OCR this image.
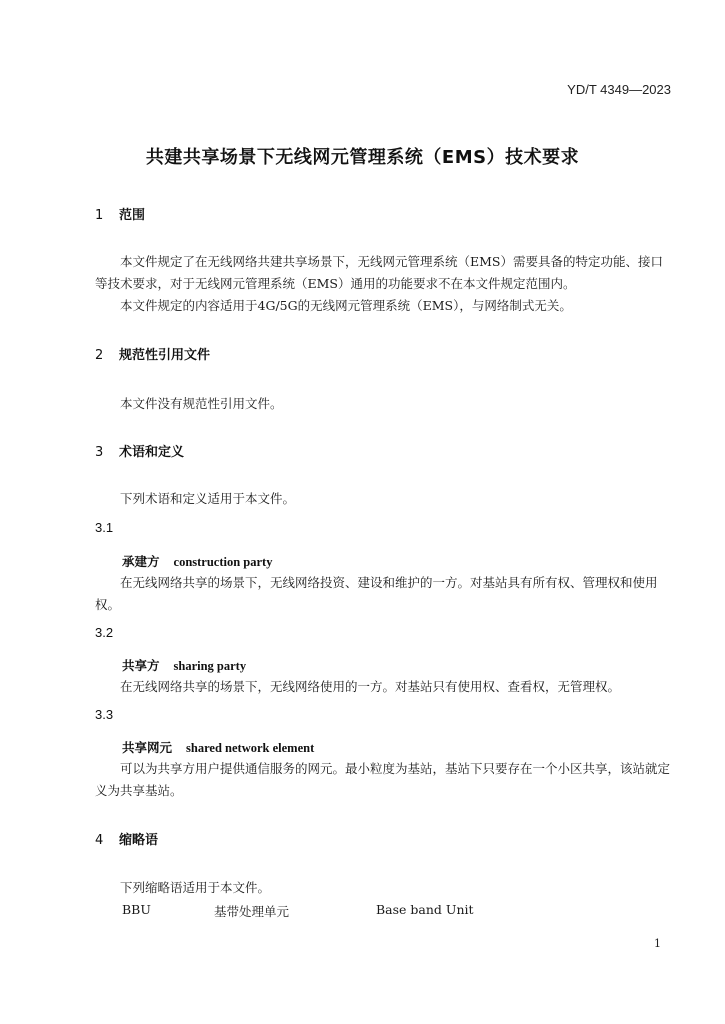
YD/T 4349—2023
共建共享场景下无线网元管理系统（EMS）技术要求
1 范围
本文件规定了在无线网络共建共享场景下，无线网元管理系统（EMS）需要具备的特定功能、接口等技术要求，对于无线网元管理系统（EMS）通用的功能要求不在本文件规定范围内。
本文件规定的内容适用于4G/5G的无线网元管理系统（EMS），与网络制式无关。
2 规范性引用文件
本文件没有规范性引用文件。
3 术语和定义
下列术语和定义适用于本文件。
3.1
承建方 construction party
在无线网络共享的场景下，无线网络投资、建设和维护的一方。对基站具有所有权、管理权和使用权。
3.2
共享方 sharing party
在无线网络共享的场景下，无线网络使用的一方。对基站只有使用权、查看权，无管理权。
3.3
共享网元 shared network element
可以为共享方用户提供通信服务的网元。最小粒度为基站，基站下只要存在一个小区共享，该站就定义为共享基站。
4 缩略语
下列缩略语适用于本文件。
BBU	基带处理单元	Base band Unit
1
